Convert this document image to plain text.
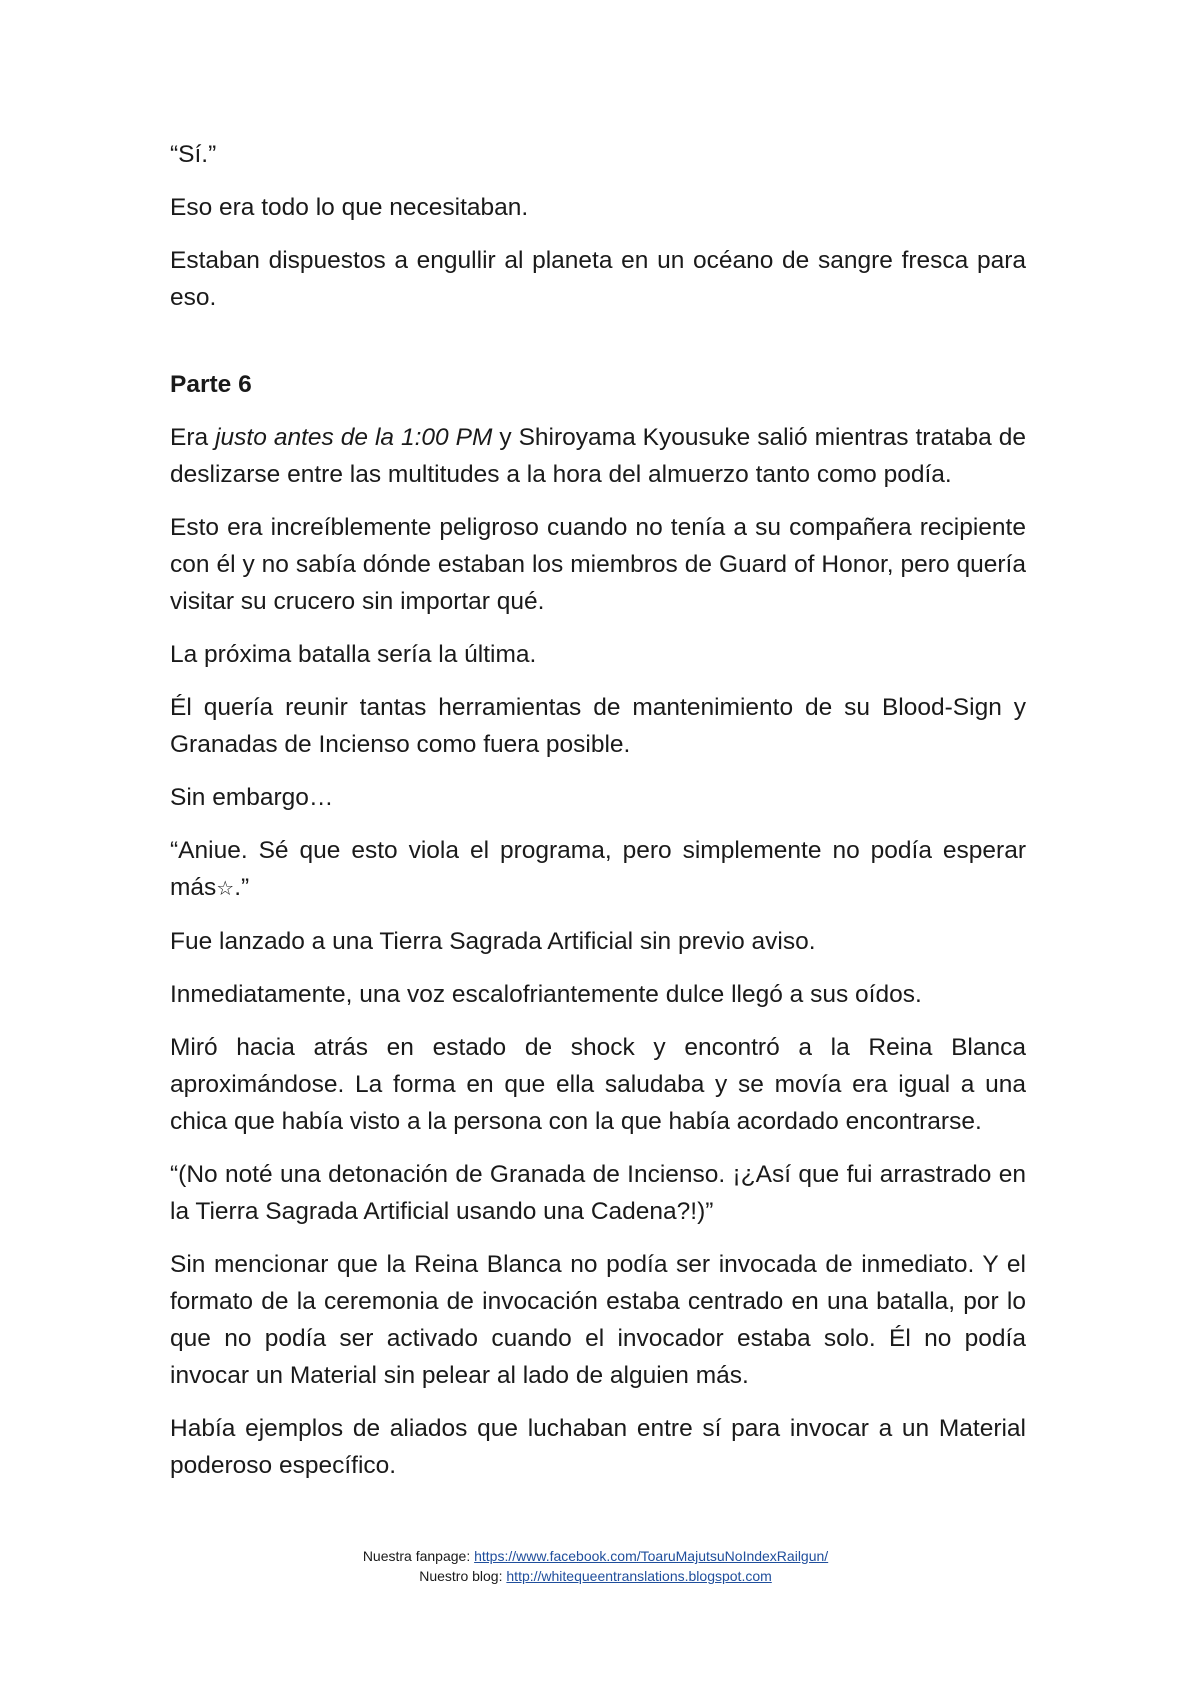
“Sí.”

Eso era todo lo que necesitaban.

Estaban dispuestos a engullir al planeta en un océano de sangre fresca para eso.

Parte 6

Era justo antes de la 1:00 PM y Shiroyama Kyousuke salió mientras trataba de deslizarse entre las multitudes a la hora del almuerzo tanto como podía.

Esto era increíblemente peligroso cuando no tenía a su compañera recipiente con él y no sabía dónde estaban los miembros de Guard of Honor, pero quería visitar su crucero sin importar qué.

La próxima batalla sería la última.

Él quería reunir tantas herramientas de mantenimiento de su Blood-Sign y Granadas de Incienso como fuera posible.

Sin embargo…

“Aniue. Sé que esto viola el programa, pero simplemente no podía esperar más☆.”

Fue lanzado a una Tierra Sagrada Artificial sin previo aviso.

Inmediatamente, una voz escalofriantemente dulce llegó a sus oídos.

Miró hacia atrás en estado de shock y encontró a la Reina Blanca aproximándose. La forma en que ella saludaba y se movía era igual a una chica que había visto a la persona con la que había acordado encontrarse.

“(No noté una detonación de Granada de Incienso. ¡¿Así que fui arrastrado en la Tierra Sagrada Artificial usando una Cadena?!)”

Sin mencionar que la Reina Blanca no podía ser invocada de inmediato. Y el formato de la ceremonia de invocación estaba centrado en una batalla, por lo que no podía ser activado cuando el invocador estaba solo. Él no podía invocar un Material sin pelear al lado de alguien más.

Había ejemplos de aliados que luchaban entre sí para invocar a un Material poderoso específico.

Nuestra fanpage: https://www.facebook.com/ToaruMajutsuNoIndexRailgun/
Nuestro blog: http://whitequeentranslations.blogspot.com
